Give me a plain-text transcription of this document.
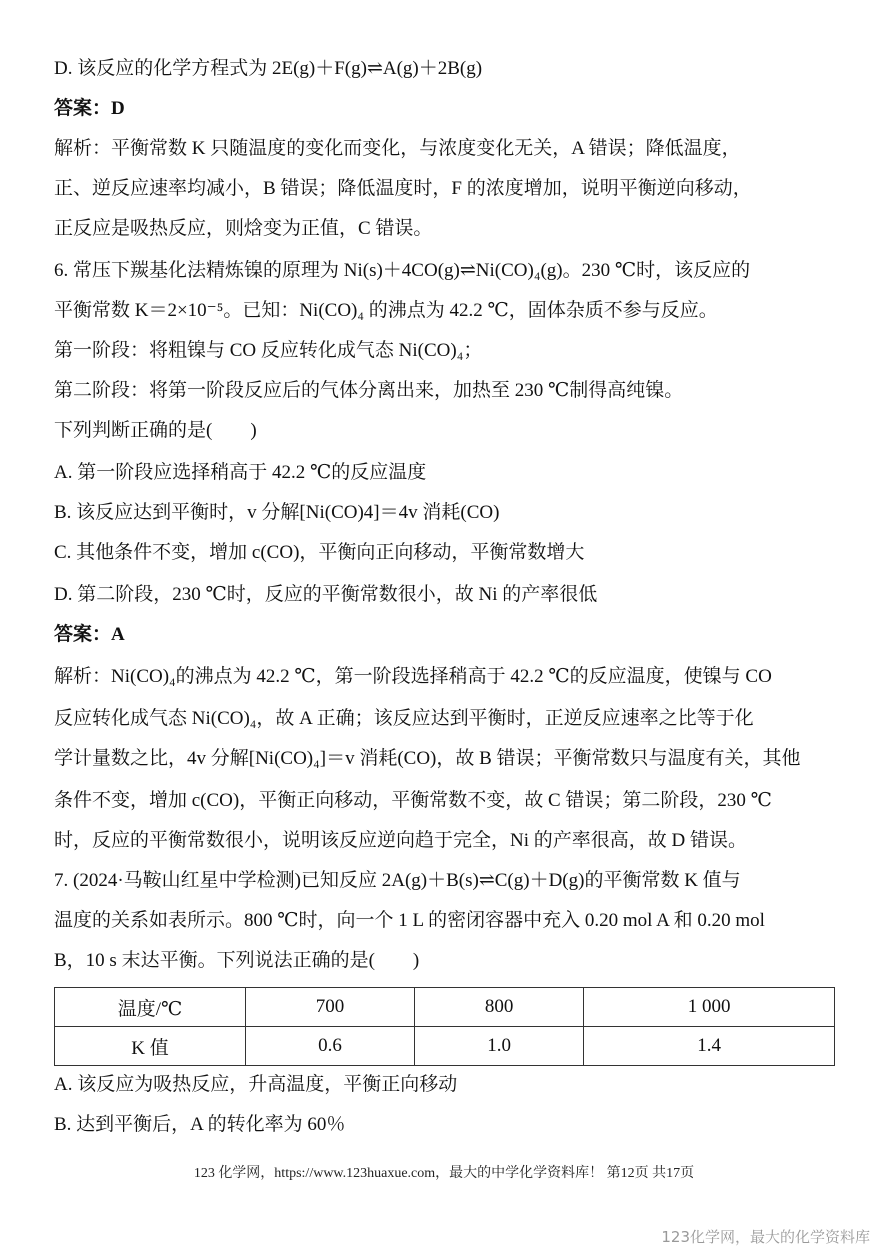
D. 该反应的化学方程式为 2E(g)＋F(g)⇌A(g)＋2B(g)
答案：D
解析：平衡常数 K 只随温度的变化而变化，与浓度变化无关，A 错误；降低温度，
正、逆反应速率均减小，B 错误；降低温度时，F 的浓度增加，说明平衡逆向移动，
正反应是吸热反应，则焓变为正值，C 错误。
6. 常压下羰基化法精炼镍的原理为 Ni(s)＋4CO(g)⇌Ni(CO)₄(g)。230 ℃时，该反应的
平衡常数 K＝2×10⁻⁵。已知：Ni(CO)₄ 的沸点为 42.2 ℃，固体杂质不参与反应。
第一阶段：将粗镍与 CO 反应转化成气态 Ni(CO)₄；
第二阶段：将第一阶段反应后的气体分离出来，加热至 230 ℃制得高纯镍。
下列判断正确的是(　　)
A. 第一阶段应选择稍高于 42.2 ℃的反应温度
B. 该反应达到平衡时，v 分解[Ni(CO)4]＝4v 消耗(CO)
C. 其他条件不变，增加 c(CO)，平衡向正向移动，平衡常数增大
D. 第二阶段，230 ℃时，反应的平衡常数很小，故 Ni 的产率很低
答案：A
解析：Ni(CO)₄的沸点为 42.2 ℃，第一阶段选择稍高于 42.2 ℃的反应温度，使镍与 CO
反应转化成气态 Ni(CO)₄，故 A 正确；该反应达到平衡时，正逆反应速率之比等于化
学计量数之比，4v 分解[Ni(CO)₄]＝v 消耗(CO)，故 B 错误；平衡常数只与温度有关，其他
条件不变，增加 c(CO)，平衡正向移动，平衡常数不变，故 C 错误；第二阶段，230 ℃
时，反应的平衡常数很小，说明该反应逆向趋于完全，Ni 的产率很高，故 D 错误。
7. (2024·马鞍山红星中学检测)已知反应 2A(g)＋B(s)⇌C(g)＋D(g)的平衡常数 K 值与
温度的关系如表所示。800 ℃时，向一个 1 L 的密闭容器中充入 0.20 mol A 和 0.20 mol
B，10 s 末达平衡。下列说法正确的是(　　)
温度/℃	700	800	1 000
K 值	0.6	1.0	1.4
A. 该反应为吸热反应，升高温度，平衡正向移动
B. 达到平衡后，A 的转化率为 60％
123 化学网，https://www.123huaxue.com，最大的中学化学资料库！ 第12页 共17页
123化学网，最大的化学资料库
